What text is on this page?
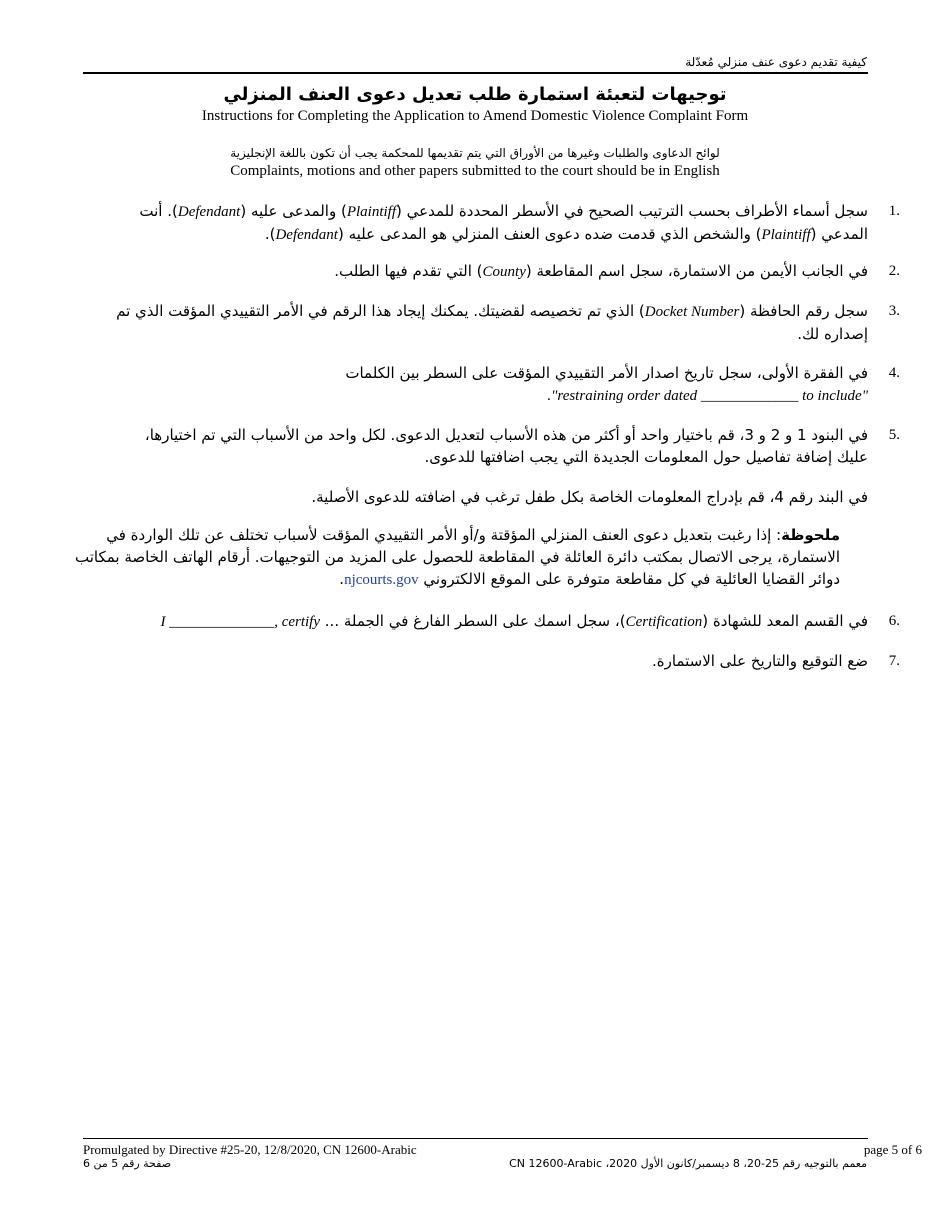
كيفية تقديم دعوى عنف منزلي مُعدّلة
توجيهات لتعبئة استمارة طلب تعديل دعوى العنف المنزلي
Instructions for Completing the Application to Amend Domestic Violence Complaint Form
لوائح الدعاوى والطلبات وغيرها من الأوراق التي يتم تقديمها للمحكمة يجب أن تكون باللغة الإنجليزية
Complaints, motions and other papers submitted to the court should be in English
1.
سجل أسماء الأطراف بحسب الترتيب الصحيح في الأسطر المحددة للمدعي (Plaintiff) والمدعى عليه (Defendant). أنت المدعي (Plaintiff) والشخص الذي قدمت ضده دعوى العنف المنزلي هو المدعى عليه (Defendant).
2.
في الجانب الأيمن من الاستمارة، سجل اسم المقاطعة (County) التي تقدم فيها الطلب.
3.
سجل رقم الحافظة (Docket Number) الذي تم تخصيصه لقضيتك. يمكنك إيجاد هذا الرقم في الأمر التقييدي المؤقت الذي تم إصداره لك.
4.
في الفقرة الأولى، سجل تاريخ اصدار الأمر التقييدي المؤقت على السطر بين الكلمات
."restraining order dated _____________ to include"
5.
في البنود 1 و 2 و 3، قم باختيار واحد أو أكثر من هذه الأسباب لتعديل الدعوى. لكل واحد من الأسباب التي تم اختيارها، عليك إضافة تفاصيل حول المعلومات الجديدة التي يجب اضافتها للدعوى.
في البند رقم 4، قم بإدراج المعلومات الخاصة بكل طفل ترغب في اضافته للدعوى الأصلية.
ملحوظة: إذا رغبت بتعديل دعوى العنف المنزلي المؤقتة و/أو الأمر التقييدي المؤقت لأسباب تختلف عن تلك الواردة في الاستمارة، يرجى الاتصال بمكتب دائرة العائلة في المقاطعة للحصول على المزيد من التوجيهات. أرقام الهاتف الخاصة بمكاتب دوائر القضايا العائلية في كل مقاطعة متوفرة على الموقع الالكتروني njcourts.gov.
6.
في القسم المعد للشهادة (Certification)، سجل اسمك على السطر الفارغ في الجملة ... I ______________, certify
7.
ضع التوقيع والتاريخ على الاستمارة.
Promulgated by Directive #25-20, 12/8/2020, CN 12600-Arabic	page 5 of 6
صفحة رقم 5 من 6	معمم بالتوجيه رقم 25-20، 8 ديسمبر/كانون الأول 2020، CN 12600-Arabic
